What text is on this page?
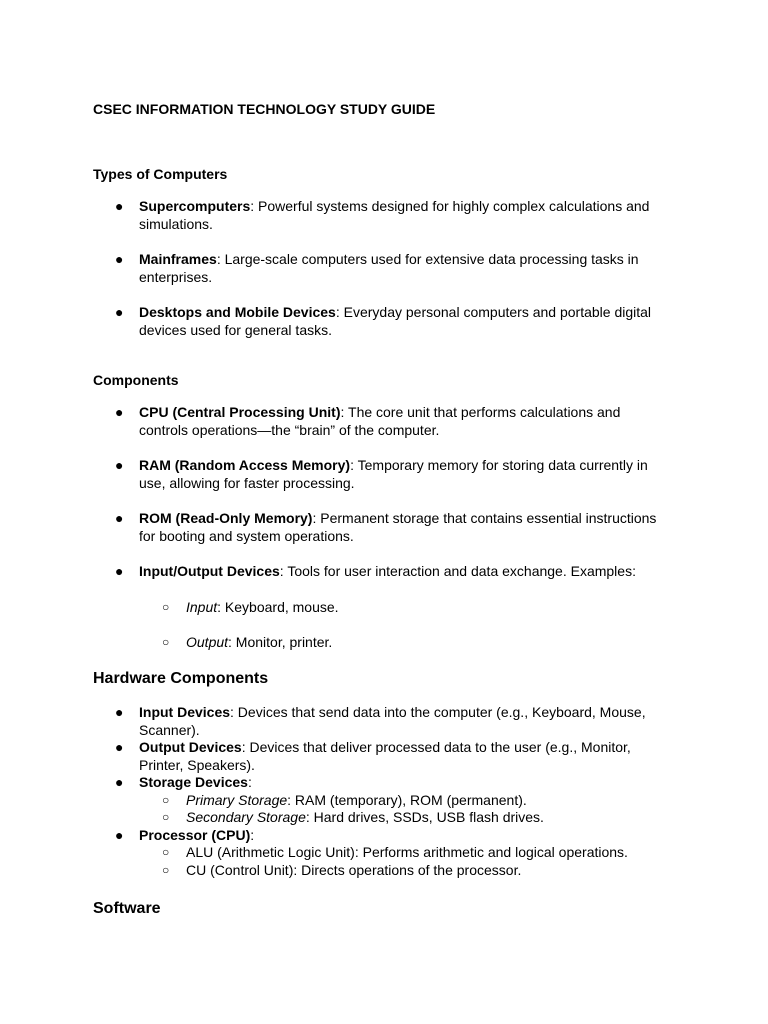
CSEC INFORMATION TECHNOLOGY STUDY GUIDE
Types of Computers
● Supercomputers: Powerful systems designed for highly complex calculations and simulations.
● Mainframes: Large-scale computers used for extensive data processing tasks in enterprises.
● Desktops and Mobile Devices: Everyday personal computers and portable digital devices used for general tasks.
Components
● CPU (Central Processing Unit): The core unit that performs calculations and controls operations—the “brain” of the computer.
● RAM (Random Access Memory): Temporary memory for storing data currently in use, allowing for faster processing.
● ROM (Read-Only Memory): Permanent storage that contains essential instructions for booting and system operations.
● Input/Output Devices: Tools for user interaction and data exchange. Examples:
○ Input: Keyboard, mouse.
○ Output: Monitor, printer.
Hardware Components
● Input Devices: Devices that send data into the computer (e.g., Keyboard, Mouse, Scanner).
● Output Devices: Devices that deliver processed data to the user (e.g., Monitor, Printer, Speakers).
● Storage Devices:
○ Primary Storage: RAM (temporary), ROM (permanent).
○ Secondary Storage: Hard drives, SSDs, USB flash drives.
● Processor (CPU):
○ ALU (Arithmetic Logic Unit): Performs arithmetic and logical operations.
○ CU (Control Unit): Directs operations of the processor.
Software
